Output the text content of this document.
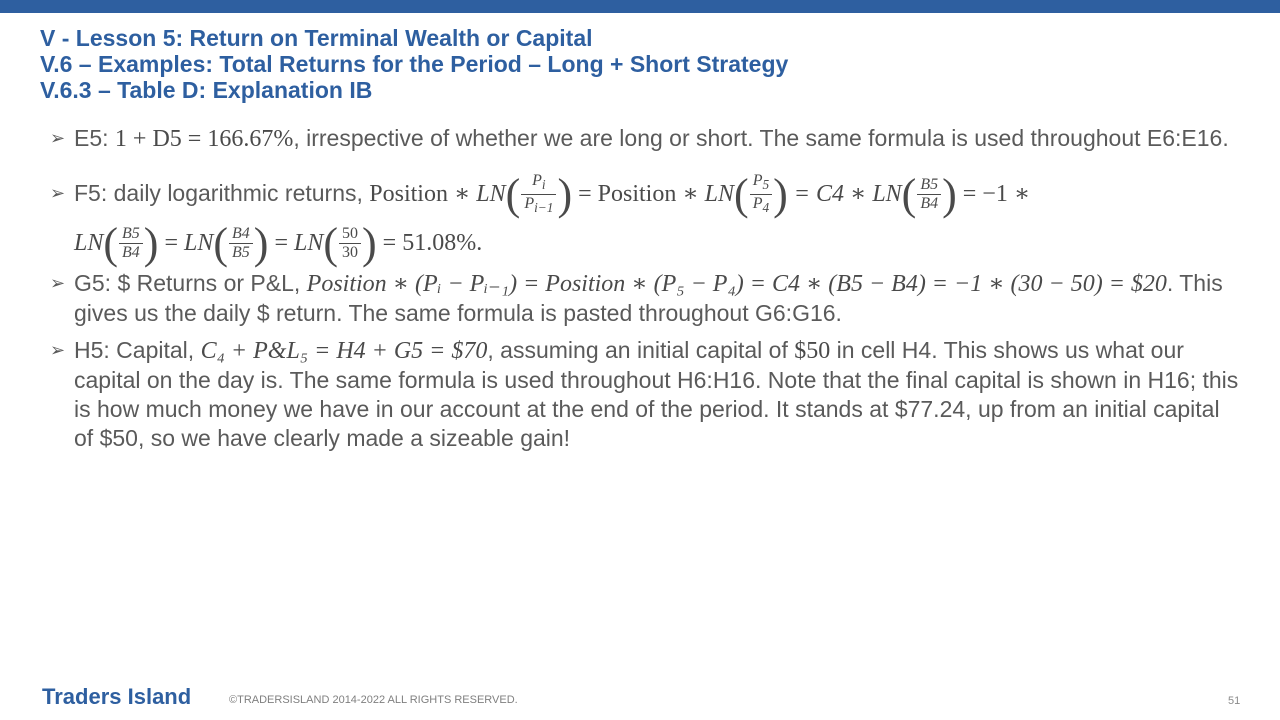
V - Lesson 5: Return on Terminal Wealth or Capital
V.6 – Examples: Total Returns for the Period – Long + Short Strategy
V.6.3 – Table D: Explanation IB
➢ E5: 1 + D5 = 166.67%, irrespective of whether we are long or short. The same formula is used throughout E6:E16.
➢ F5: daily logarithmic returns, Position ∗ $LN( \frac{P_i}{P_{i-1}}$ ) = Position ∗ $LN( \frac{P_5}{P_4}$ ) = C4 ∗ $LN( \frac{B5}{B4}$ ) = −1 ∗
$LN( \frac{B5}{B4}$ ) = $LN( \frac{B4}{B5}$ ) = $LN( \frac{50}{30}$ ) = 51.08%.
➢ G5: $ Returns or P&L, Position ∗ (Pᵢ − Pᵢ₋₁) = Position ∗ (P₅ − P₄) = C4 ∗ (B5 − B4) = −1 ∗ (30 − 50) = $20. This gives us the daily $ return. The same formula is pasted throughout G6:G16.
➢ H5: Capital, C₄ + P&L₅ = H4 + G5 = $70, assuming an initial capital of $50 in cell H4. This shows us what our capital on the day is. The same formula is used throughout H6:H16. Note that the final capital is shown in H16; this is how much money we have in our account at the end of the period. It stands at $77.24, up from an initial capital of $50, so we have clearly made a sizeable gain!
Traders Island	©TRADERSISLAND 2014-2022 ALL RIGHTS RESERVED.	51
